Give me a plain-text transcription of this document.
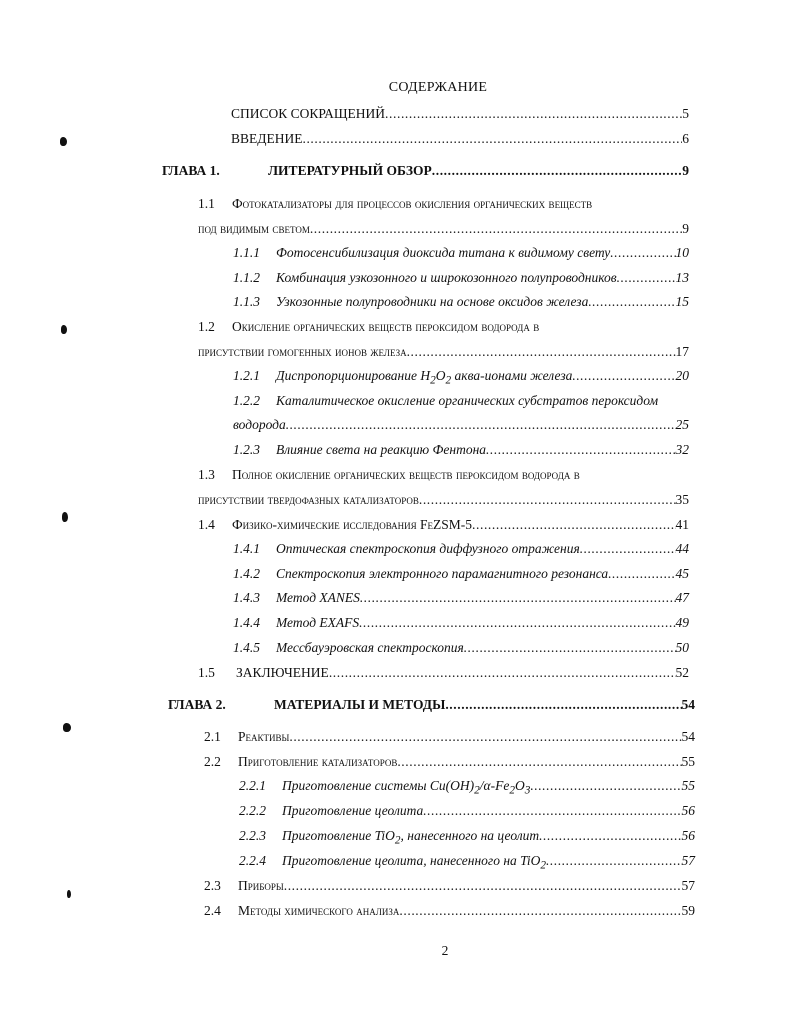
СОДЕРЖАНИЕ
СПИСОК СОКРАЩЕНИЙ .....	5
ВВЕДЕНИЕ .....	6
ГЛАВА 1.	ЛИТЕРАТУРНЫЙ ОБЗОР .....	9
1.1 Фотокатализаторы для процессов окисления органических веществ
под видимым светом .....	9
1.1.1	Фотосенсибилизация диоксида титана к видимому свету .....	10
1.1.2	Комбинация узкозонного и широкозонного полупроводников .....	13
1.1.3	Узкозонные полупроводники на основе оксидов железа .....	15
1.2 Окисление органических веществ пероксидом водорода в
присутствии гомогенных ионов железа .....	17
1.2.1	Диспропорционирование $H_2O_2$ аква-ионами железа .....	20
1.2.2 Каталитическое окисление органических субстратов пероксидом
водорода .....	25
1.2.3	Влияние света на реакцию Фентона .....	32
1.3 Полное окисление органических веществ пероксидом водорода в
присутствии твердофазных катализаторов .....	35
1.4	Физико-химические исследования FeZSM-5 .....	41
1.4.1	Оптическая спектроскопия диффузного отражения .....	44
1.4.2	Спектроскопия электронного парамагнитного резонанса .....	45
1.4.3	Метод XANES .....	47
1.4.4	Метод EXAFS .....	49
1.4.5	Мессбауэровская спектроскопия .....	50
1.5	ЗАКЛЮЧЕНИЕ .....	52
ГЛАВА 2.	МАТЕРИАЛЫ И МЕТОДЫ .....	54
2.1	Реактивы .....	54
2.2	Приготовление катализаторов .....	55
2.2.1	Приготовление системы $Cu(OH)_2/\alpha-Fe_2O_3$ .....	55
2.2.2	Приготовление цеолита .....	56
2.2.3	Приготовление TiO$_2$, нанесенного на цеолит .....	56
2.2.4	Приготовление цеолита, нанесенного на TiO$_2$ .....	57
2.3	Приборы .....	57
2.4	Методы химического анализа .....	59
2
